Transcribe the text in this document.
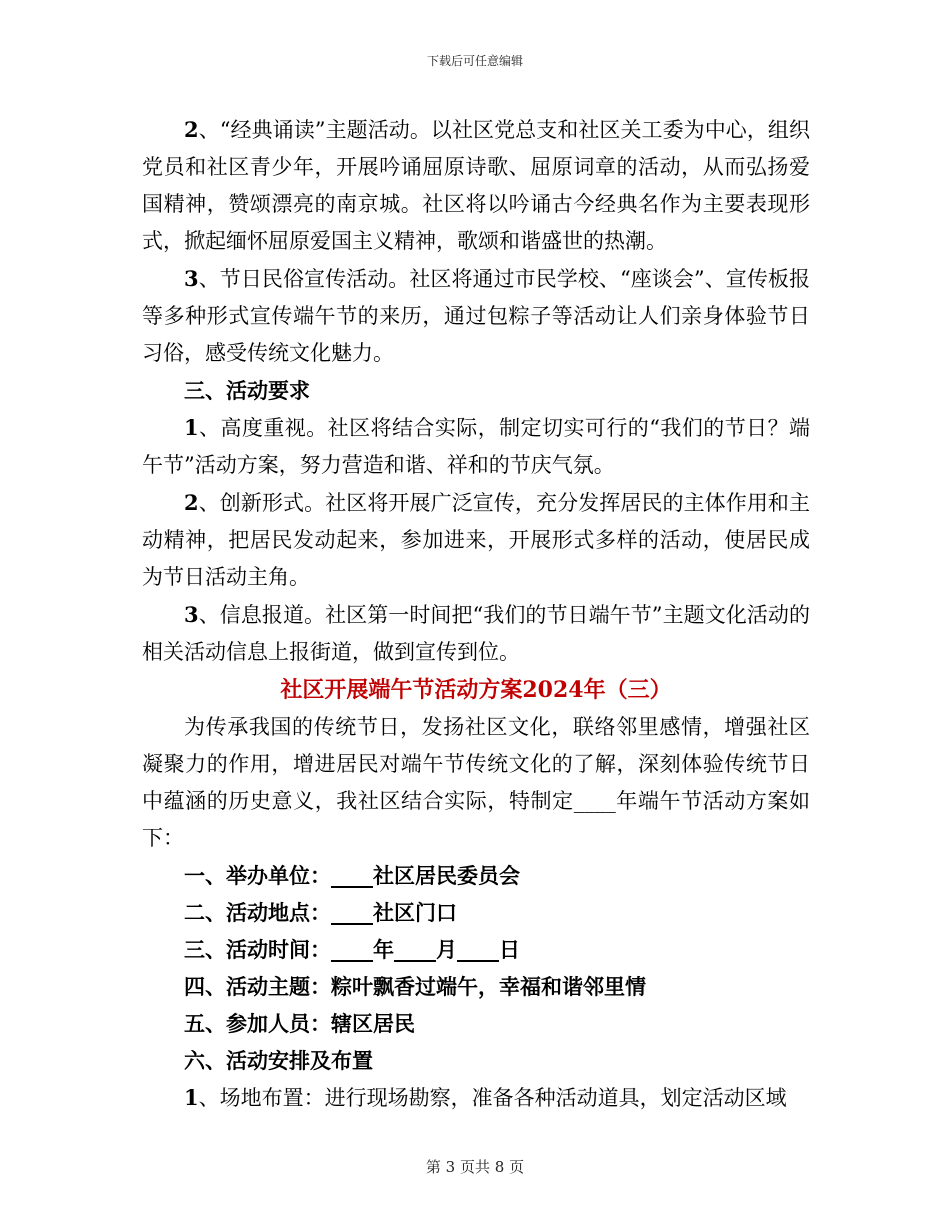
下载后可任意编辑

2、“经典诵读”主题活动。以社区党总支和社区关工委为中心，组织党员和社区青少年，开展吟诵屈原诗歌、屈原词章的活动，从而弘扬爱国精神，赞颂漂亮的南京城。社区将以吟诵古今经典名作为主要表现形式，掀起缅怀屈原爱国主义精神，歌颂和谐盛世的热潮。

3、节日民俗宣传活动。社区将通过市民学校、“座谈会”、宣传板报等多种形式宣传端午节的来历，通过包粽子等活动让人们亲身体验节日习俗，感受传统文化魅力。

三、活动要求

1、高度重视。社区将结合实际，制定切实可行的“我们的节日？端午节”活动方案，努力营造和谐、祥和的节庆气氛。

2、创新形式。社区将开展广泛宣传，充分发挥居民的主体作用和主动精神，把居民发动起来，参加进来，开展形式多样的活动，使居民成为节日活动主角。

3、信息报道。社区第一时间把“我们的节日端午节”主题文化活动的相关活动信息上报街道，做到宣传到位。

社区开展端午节活动方案2024年（三）

为传承我国的传统节日，发扬社区文化，联络邻里感情，增强社区凝聚力的作用，增进居民对端午节传统文化的了解，深刻体验传统节日中蕴涵的历史意义，我社区结合实际，特制定____年端午节活动方案如下：

一、举办单位：____社区居民委员会

二、活动地点：____社区门口

三、活动时间：____年____月____日

四、活动主题：粽叶飘香过端午，幸福和谐邻里情

五、参加人员：辖区居民

六、活动安排及布置

1、场地布置：进行现场勘察，准备各种活动道具，划定活动区域

第 3 页共 8 页
